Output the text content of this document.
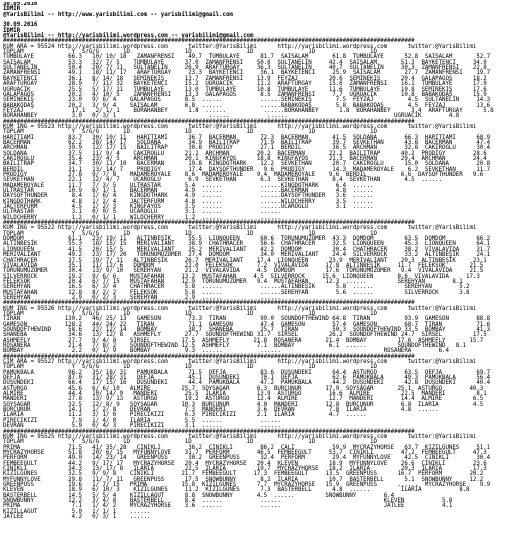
30.09.2016
İDMİR
@YarisBilimi -- http://www.yarisbilimi.com -- yarisbilimi@gmail.com

30.09.2016
İDMİR
@YarisBilimi -- http://yarisbilimi.wordpress.com -- yarisbilimi@gmail.com
########################################################################################################################
KUM ARA = 95524 http://yarisbilimi.wordpress.com      twitter:@YarisBilimi      http://yarisbilimi.wordpress.com      twitter:@YarisBilimi
TOPLAM              Y  S/G/G       1D                1D                1D                1D                1D
TUMBULAYE          66.3   10/ 10/ 18   ZAMANFRENSI    49.7  TUMBULAYE      81.7  SAISALAM       61.8  TUMBULAYE      52.8  SAISALAM       52.7
SAISALAM           53.3   32/ 7/ 5    TUMBULAYE      37.0  ZAMANFRENSI    50.6  SULTANELİN     42.4  SAISALAM       51.3  BAYKETENCI     34.0
SULTANELİN         50.4   20/ 7/ 11   SULTANELİN     26.9  ARAFTURGAY     36.3  SULTANELİN     40.7  SULTANELİN     30.3  ZAMANFRENSI    22.8
ZAMANFRENSI        49.1   18/ 11/ 17   ARAFTURGAY     23.3  BAYKETENCI     36.1  BAYKETENCI     25.9  SAISALAM       27.7  ZAMANFRENSI    19.7
BAYKETENCI         36.1   8/ 14/ 18   SEMINEKIŞ      13.7  ZAMANFRENSI    13.9  FEYZAJ         20.6  SEMINEKIŞ      20.4  GALAPAGOS      18.2
ARAFTURGAY         28.9   7/ 11/ 32   BAYKETENCI     15.2  UGRUACIK       11.2  ARAFTURGAY     15.6  ZAMANFRENSI    16.1  TUMBULAYE      17.9
UGRUACIK           25.5   5/ 17/ 11   TUMBULAYE      13.0  TUMBULAYE      10.8  TUMBULAYE      11.6  TUMBULAYE      10.8  SEMINEKIŞ      17.6
GALAPAGOS          20.2   4/ 10/ 5    ZAMANFRENSI    13.3  GALAPAGOS       8.5  ZAMANFRENSI     7.7  UGRUACIK       10.8  BABAKODAŞ      15.9
SEMINEKIŞ          23.0   9/ 6/ 4    GALAPAGOS       8.5  ......           ......SEMINEKIŞ       7.5  FEYZAJ          4.5  SULTANELİN     14.3
BABAKODAŞ          20.2   3/ 9/ 4    SAISALAM        6.8  ......           ......BABAKODAŞ       5.8  BABAKODAŞ       4.5  FEYZAJ         13.6
FEYZAJ              17.1   2/ 1/ 1    BORAHANBEY      1.8  ......           ......BORAHANBEY      1.8  BORAHANBEY      3.4  ARAFTURGAY      5.8
BORAHANBEY          3.0   0/ 3/ 1                           ......           ......                               UGRUACIK        4.8
########################################################################################################################
KUM ING = 95523 http://yarisbilimi.wordpress.com      twitter:@YarisBilimi      http://yarisbilimi.wordpress.com      twitter:@YarisBilimi
TOPLAM              Y  S/G/G       1D                1D                1D                1D                1D
HARITIAMI          83.7   30/ 10/ 11   HARITIAMI      36.7  BACERMAN       72.3  BACERMAN       41.5  SOLDANA        66.3  HARITIAMI      68.9
BACERMAN           62.2   28/ 14/ 17   SOLDANA        34.9  BAILITRAP      71.9  BAILITRAP      39.7  SEVKETHAN      43.8  BACERMAN       47.4
ARCHMAN            39.9   12/ 17/ 15   BAILITRAP      30.8  PRODIGY        27.1  BERDIL         36.5  ARCHMAN        32.8  CAKIROGLU      30.4
SOLDANA            37.5   11/ 9/ 4    CAKIROGLU      21.1  ARCHMAN        20.2  BACERMAN       22.2  BAILITRAP      40.2  PRODIGY        28.6
CAKIROGLU          35.4   23/ 4/ 5    ARCHMAN        20.1  KINGFAYOS      18.8  KINGFAYOS      21.3  BACERMAN       29.4  ARCHMAN        24.4
BAILITRAP          34.7   30/ 11/ 10   BACERMAN       19.8  KINGDOTHARK    12.2  SEVKETHAN      20.7  CAKIROGLU      15.0  SOLDANA        20.8
BERDIL             31.1   13/ 14/ 7    PRODIGY        17.4  DAYSOFTHUNDER   9.6  PRODIGY        14.3  MADAMEROYALE    6.2  SEVKETHAN      11.7
PRODIGY            27.8   9/ 7/ 8    MADAMEROYALE    8.6  MADAMEROYALE    9.4  MADAMEROYALE    9.6  BERDIL          6.6  DAYSOFTHUNDER   9.6
SEVKETHAN          22.1   12/ 4/ 7    UCAROGLU        6.9  SEVKETHAN       6.3  SEVKETHAN       8.4  SEVKETHAN       4.5  ......
MADAMEROYALE       11.7   7/ 3/ 5    ULTRASTAR       5.4  ......           ......KINGDOTHARK     6.4  ......
ULTRASTAR          10.9   6/ 1/ 1    BACERMAN        4.9  ......           ......BACERMAN        4.8  ......
DAYSOFTHUNDER       8.4   1/ 6/ 4    KINGDOTHARK     4.9  ......           ......DAYSOFTHUNDER   3.6  ......
KINGDOTHARK         4.8   1/ 2/ 4    JACTERFURM      4.8  ......           ......WILDCHERRY      3.5  ......
JACTERFURM          4.5   1/ 2/ 3    KINGFAYOS       3.5  ......           ......UCAROGLU        3.1  ......
ULTRASTAR           3.1   0/ 0/ 5    UCAROGLU        3.1  ......           ......
WILDCHERRY          1.2   0/ 1/ 1    WILDCHERRY      1.2  ......           ......
########################################################################################################################
KUM ING = 95522 http://yarisbilimi.wordpress.com      twitter:@YarisBilimi      http://yarisbilimi.wordpress.com      twitter:@YarisBilimi
TOPLAM              Y  S/G/G       1D                1D                1D                1D                1D
DOMDOM             61.1   23/ 19/ 11   ALTINBEŞİK     55.5  LIONQUEEN      60.6  TORUNUMUZOMER  43.3  DOMDOM         63.5  DOMDOM         66.2
ALTINBEŞİK         55.3   18/ 15/ 15   MERIVALIANT    38.9  CHATHRACER     56.6  CHATHRACER     32.5  LIONQUEEN      45.3  LIONQUEEN      64.1
LIONQUEEN          41.5   20/ 15/ 5    MERIVALIANT    35.2  MERIVALIANT    42.2  DOMDOM         30.4  CHATHRACER     38.2  VIVALAVIDA     31.7
MERIVALIANT        49.2   23/ 17/ 20   TORUNUMUZOMER  27.4  DOMDOM         34.0  MERIVALIANT    24.4  SILVERROCK     33.2  ALTINBEŞİK     24.1
CHATHRACER         37.5   19/ 7/ 11   ALTINBEŞİK     26.7  MERIVALIANT    17.4  LIONQUEEN      23.9  MERIVALIANT    20.3  ALTINBEŞİK     23.1
VIVALAVIDA         35.1   11/ 12/ 6   DOMDOM         22.0  FELEKSOK       7.2  VIVALAVIDA     17.8  ALTINBEŞİK     11.7  FELEKSOK       21.5
TORUNUMUZOMER      30.4   13/ 9/ 10   SEREHYAN       21.2  VIVALAVIDA     4.5  DOMDOM         17.6  TORUNUMUZOMER   9.4  VIVALAVIDA     21.5
SILVERROCK         19.2   9/ 6/ 6    MUSTAFAHAN     13.2  MUSTAFAHAN     4.5  SILVERROCK     15.6  LIONQUEEN       8.6  VIVALAVIDA     17.3
FELEKSOK           20.4   6/ 7/ 15   MUSTAFAHAN     12.9  TORUNUMUZOMER   9.4  MUSTAFAHAN     12.3  ......         SEREHYAN        8.1
SEREHYAN           16.5   6/ 3/ 4    CHATHRACER      5.8  ......           ......ALTINBEŞİK      5.8  ......         SEREHYAN        5.2
MUSTAFAHAN         12.8   8/ 2/ 2    FELEKSOK        5.8  ......           ......SEREHYAN        5.6  ......         SILVERROCK      3.8
SEREHYAN            2.9   0/ 2/ 3    SEREHYAN        2.9  ......           ......
########################################################################################################################
KUM ING = 95526 http://yarisbilimi.wordpress.com      twitter:@YarisBilimi      http://yarisbilimi.wordpress.com      twitter:@YarisBilimi
TOPLAM              Y  S/G/G       1D                1D                1D                1D                1D
TIRAN             130.2   46/ 25/ 13   GAMESON        73.3  TIRAN          99.0  SOUNDOFTHEWIND 64.8  TIRAN          93.9  GAMESON        88.8
GAMESON           128.2   44/ 24/ 22   TIRAN          71.1  GAMESON        47.4  GAMESON        57.4  GAMESON        68.7  TIRAN          71.6
SOUNDOFTHEWIND     58.6   22/ 12/ 14   BOMBAY         38.7  SHANEBA        25.7  TIRAN          50.3  SOUNDOFTHEWIND 33.5  BOMBAY         41.3
SHANEBA            34.6   13/ 12/ 8   ASHMEFLY       27.7  SOUNDOFTHEWIND 31.7  SIRSEL         26.2  SOUNDOFTHEWIND 24.7  SIRSEL         17.5
ASHMEFLY           27.7   9/ 4/ 8    SIRSEL         17.5  ASHMEFLY       21.8  ROSANERA       21.4  BOMBAY         17.6  ASHMEFLY       15.7
ROSANERA           21.4   7/ 8/ 2    SOUNDOFTHEWIND 12.5  ASHMEFLY        7.1  BOMBAY          6.1  ......         SOUNDOFTHEWIND   8.1
BOMBAY              2.2   0/ 1/ 9    BOMBAY          9.3  ......           ......                              ROSANERA        6.4
########################################################################################################################
CIM ARA = 95527 http://yarisbilimi.wordpress.com      twitter:@YarisBilimi      http://yarisbilimi.wordpress.com      twitter:@YarisBilimi
TOPLAM              Y  S/G/G       1D                1D                1D                1D                1D
PAMUKBALA          96.2   35/ 18/ 31   PAMUKBALA      71.5  OEFJA          83.6  DUŞUNDEKI      64.4  ASTURGO        63.5  OEFJA          69.7
OEFJA              87.0   31/ 28/ 31   OEFJA          45.1  DUŞUNDEKI      70.1  OEFJA          62.6  PAMUKBALA      49.3  PAMUKBALA      56.4
DUŞUNDEKI          66.4   17/ 15/ 16   DUŞUNDEKI      44.4  PAMUKBALA      47.2  PAMUKBALA      44.2  DUŞUNDEKI      42.8  DUŞUNDEKI      40.4
ASTURGO            45.6   6/ 6/ 10   ALMIRE         25.7  SOYSAGAR        6.3  BURCUNUR       17.9  SOYSAGAR       25.1  ASTURGO        40.3
ALMIRE             44.4   10/ 14/ 9   MANDERI        25.5  ILARIA         13.9  ASTURGO        16.6  ALMIRE         22.5  MANDERI         8.1
MANDERI            27.8   13/ 9/ 13   ASTURGO        19.2  ASTURGO        12.4  ALMIRE         12.7  MANDERI        14.4  ALMIRE         6.5
SOYSAGAR           32.5   12/ 8/ 9   SOYSAGAR       10.3  BURCUNUR        4.0  MANDERI        12.8  BURCUNUR        6.8  ILARIA          4.5
BURCUNUR           14.1   1/ 2/ 8    DEVRAN          7.3  MANDERI         3.6  DEVRAN          7.8  ILARIA          4.8  ......
ILARIA             11.2   3/ 1/ 6    PIRECIKIZI      6.3  PIRECIKIZI      2.1  ILARIA          4.7  ......
PIRECIKIZI          7.9   1/ 4/ 0    ILARIA          5.5  ......           ......
DEVRAN              5.9   0/ 4/ 3    PIRECIKIZI      3.1  ......           ......
########################################################################################################################
KUM ING = 95525 http://yarisbilimi.wordpress.com      twitter:@YarisBilimi      http://yarisbilimi.wordpress.com      twitter:@YarisBilimi
TOPLAM              Y  S/G/G       1D                1D                1D                1D                1D
PRIMA              71.5   41/ 35/ 28   CINIKLI        36.2  CINIKLI        86.2  CALI           59.9  MYCRAZYHORSE   63.7  KIZILGUNES     51.1
MYCRAZYHORSE       51.8   20/ 6/ 15   MYFUNNYLOVE    31.7  PERFORM        46.5  FEMBEEGULT     53.7  CINIKLI        47.2  FEMBEEGULT     47.3
PERFORM            49.0   14/ 23/ 14   GREENPUSS      30.2  GREENPUSS      32.4  PERFORM        29.4  MYFUNNYLOVE    42.5  CINIKLI        30.4
FEMBEEGULT         44.2   9/ 17/ 17   MYCRAZYHORSE   20.4  MYCRAZYHORSE   20.4  KLEVEN         18.9  MYFUNNYLOVE    26.6  CINIKLI        23.6
CINIKLI            34.3   13/ 17/ 8   ILARIA         22.5  ILARIA         19.7  MYCRAZYHORSE   18.2  ILARIA         20.3  ILARIA         17.3
KIZILGUNES         32.5   9/ 9/ 8    CINIKLI        21.7  FEMBEEGULT     17.3  FEMBEEGULT     13.5  GREENPUSS      16.7  PERFORM        20.2
MYFUNNYLOVE        29.8   11/ 7/ 11   GREENPUSS      17.5  SNOWBUNNY       8.2  ILARIA         10.7  BASTERBELL      5.1  SNOWBUNNY     12.2
GREENPUSS          19.6   1/ 7/ 15   PRIMA          15.8  KIZILGUNES      7.7  MYCRAZYHORSE   15.9  GREENPUSS      ......  MYCRAZYHORSE    9.9
KLEVEN             18.9   6/ 10/ 3    KIZILGUNES     11.2  KIZILGUNES      7.3  BASTERBELL      4.8  ......         ILARIA           8.8
BASTERBELL         14.5   5/ 5/ 4    KIZILLAGUT      8.8  SNOWBUNNY       4.5  ......         SNOWBUNNY        6.4
SNOWBUNNY          12.2   3/ 4/ 8    BASTERBELL      8.4  ......           ......                              KLEVEN           5.8
PRIMA               7.1   1/ 4/ 2    MYCRAZYHORSE    3.6  ......           ......                              JATLEE           4.1
KIZILLAGUT          5.0   1/ 1/ 1    ......
JATLEE              4.2   0/ 3/ 1    ......
